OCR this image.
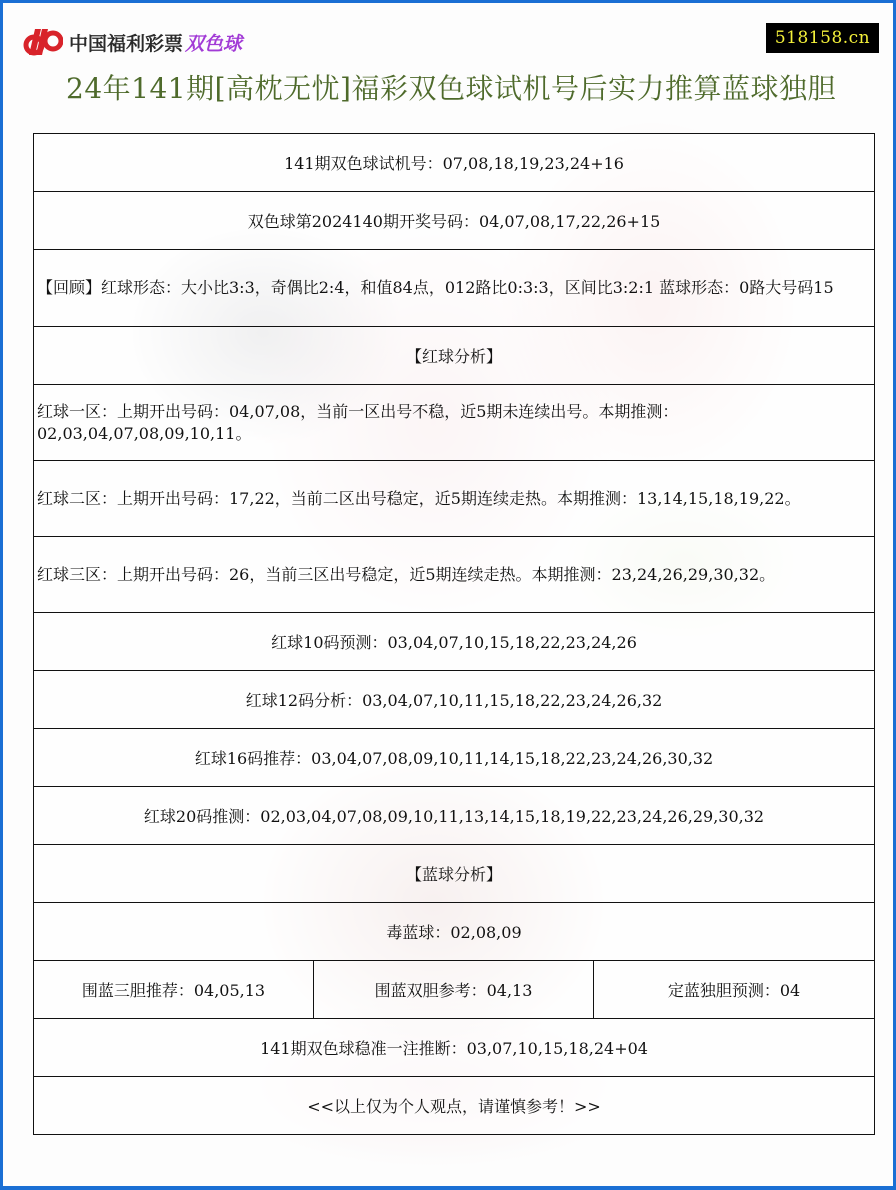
中国福利彩票 双色球	518158.cn
24年141期[高枕无忧]福彩双色球试机号后实力推算蓝球独胆
141期双色球试机号：07,08,18,19,23,24+16
双色球第2024140期开奖号码：04,07,08,17,22,26+15
【回顾】红球形态：大小比3:3，奇偶比2:4，和值84点，012路比0:3:3，区间比3:2:1 蓝球形态：0路大号码15
【红球分析】
红球一区：上期开出号码：04,07,08，当前一区出号不稳，近5期未连续出号。本期推测：02,03,04,07,08,09,10,11。
红球二区：上期开出号码：17,22，当前二区出号稳定，近5期连续走热。本期推测：13,14,15,18,19,22。
红球三区：上期开出号码：26，当前三区出号稳定，近5期连续走热。本期推测：23,24,26,29,30,32。
红球10码预测：03,04,07,10,15,18,22,23,24,26
红球12码分析：03,04,07,10,11,15,18,22,23,24,26,32
红球16码推荐：03,04,07,08,09,10,11,14,15,18,22,23,24,26,30,32
红球20码推测：02,03,04,07,08,09,10,11,13,14,15,18,19,22,23,24,26,29,30,32
【蓝球分析】
毒蓝球：02,08,09
围蓝三胆推荐：04,05,13	围蓝双胆参考：04,13	定蓝独胆预测：04
141期双色球稳准一注推断：03,07,10,15,18,24+04
<<以上仅为个人观点，请谨慎参考！>>
